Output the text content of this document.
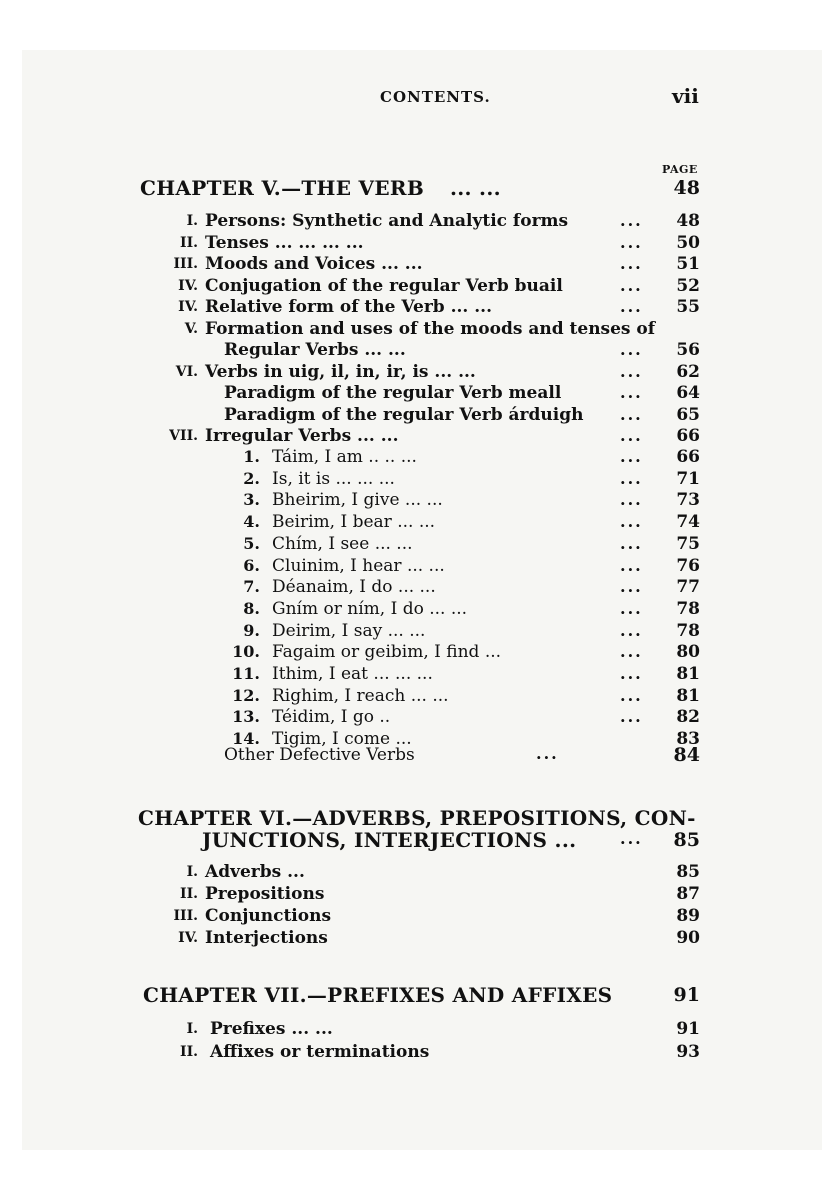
CONTENTS.	vii
PAGE
CHAPTER V.—THE VERB ... ...	48
I. Persons: Synthetic and Analytic forms	...	48
II. Tenses ... ... ... ...	...	50
III. Moods and Voices ... ...	...	51
IV. Conjugation of the regular Verb buail	...	52
IV. Relative form of the Verb ... ...	...	55
V. Formation and uses of the moods and tenses of
Regular Verbs ... ...	...	56
VI. Verbs in uig, il, in, ir, is ... ...	...	62
Paradigm of the regular Verb meall	...	64
Paradigm of the regular Verb árduigh ...	65
VII. Irregular Verbs ... ...	...	66
1. Táim, I am .. .. ...	...	66
2. Is, it is ... ... ...	...	71
3. Bheirim, I give ... ...	...	73
4. Beirim, I bear ... ...	...	74
5. Chím, I see ... ...	...	75
6. Cluinim, I hear ... ...	...	76
7. Déanaim, I do ... ...	...	77
8. Gním or ním, I do ... ...	...	78
9. Deirim, I say ... ...	...	78
10. Fagaim or geibim, I find ...	...	80
11. Ithim, I eat ... ... ...	...	81
12. Righim, I reach ... ...	...	81
13. Téidim, I go ..	...	82
14. Tigim, I come ...	83
Other Defective Verbs	...	84
CHAPTER VI.—ADVERBS, PREPOSITIONS, CON-
JUNCTIONS, INTERJECTIONS ...	...	85
I. Adverbs ...	85
II. Prepositions	87
III. Conjunctions	89
IV. Interjections	90
CHAPTER VII.—PREFIXES AND AFFIXES	91
I. Prefixes ... ...	91
II. Affixes or terminations	93
